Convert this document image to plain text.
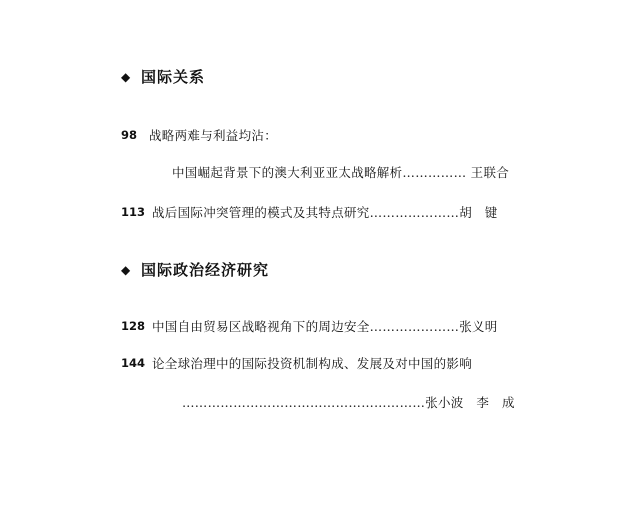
◆ 国际关系
98 战略两难与利益均沾：
中国崛起背景下的澳大利亚亚太战略解析…………… 王联合
113 战后国际冲突管理的模式及其特点研究…………………胡　键
◆ 国际政治经济研究
128 中国自由贸易区战略视角下的周边安全…………………张义明
144 论全球治理中的国际投资机制构成、发展及对中国的影响
…………………………………………………张小波　李　成
